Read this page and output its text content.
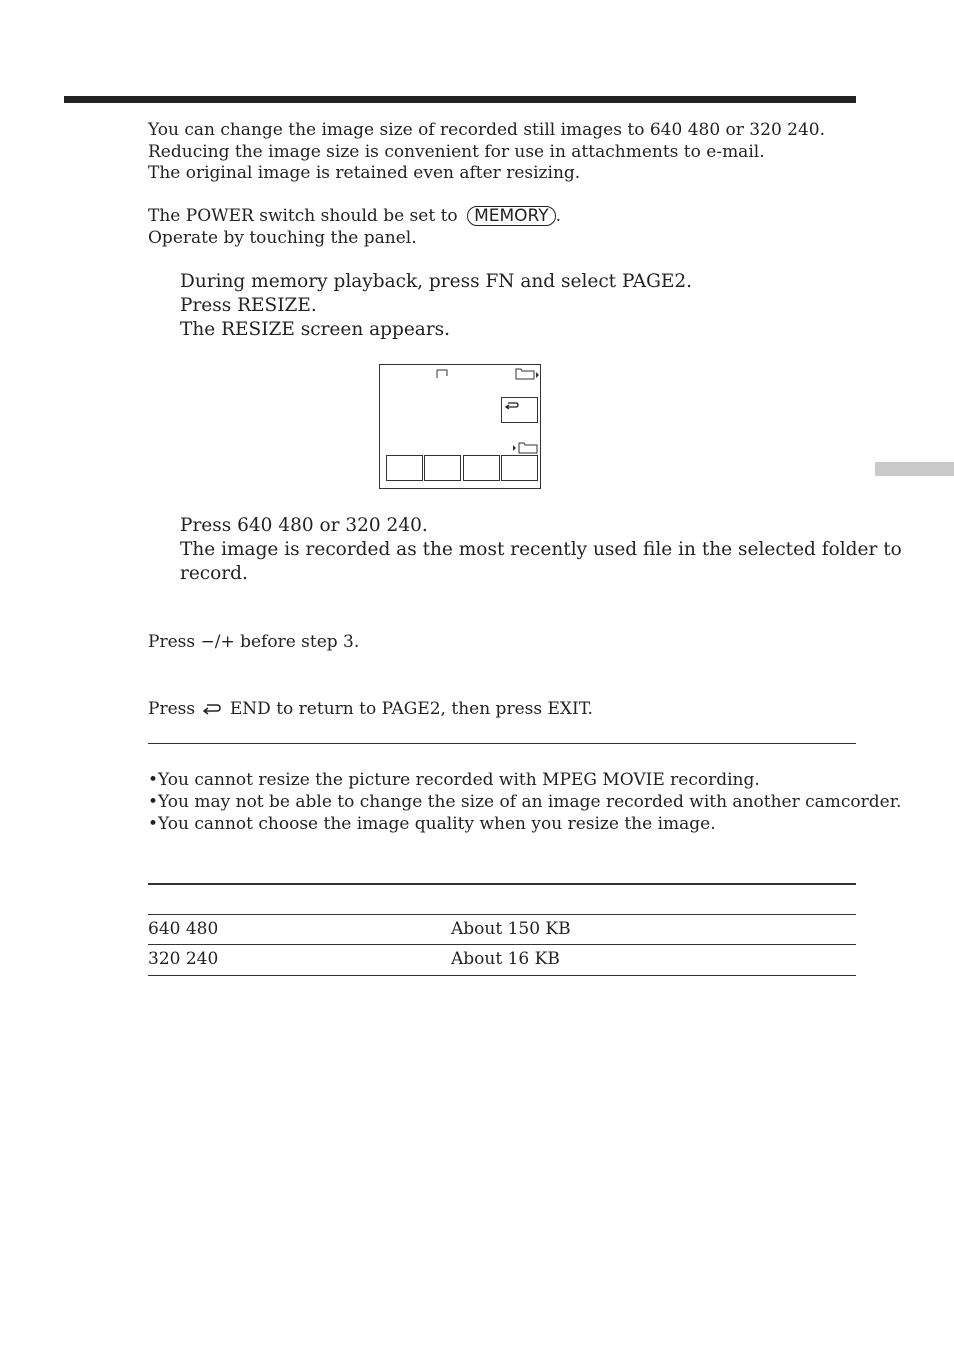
You can change the image size of recorded still images to 640 480 or 320 240.
Reducing the image size is convenient for use in attachments to e-mail.
The original image is retained even after resizing.
The POWER switch should be set to MEMORY .
Operate by touching the panel.
During memory playback, press FN and select PAGE2.
Press RESIZE.
The RESIZE screen appears.
Press 640 480 or 320 240.
The image is recorded as the most recently used file in the selected folder to
record.
Press −/+ before step 3.
Press END to return to PAGE2, then press EXIT.
•You cannot resize the picture recorded with MPEG MOVIE recording.
•You may not be able to change the size of an image recorded with another camcorder.
•You cannot choose the image quality when you resize the image.
640 480	About 150 KB
320 240	About 16 KB
